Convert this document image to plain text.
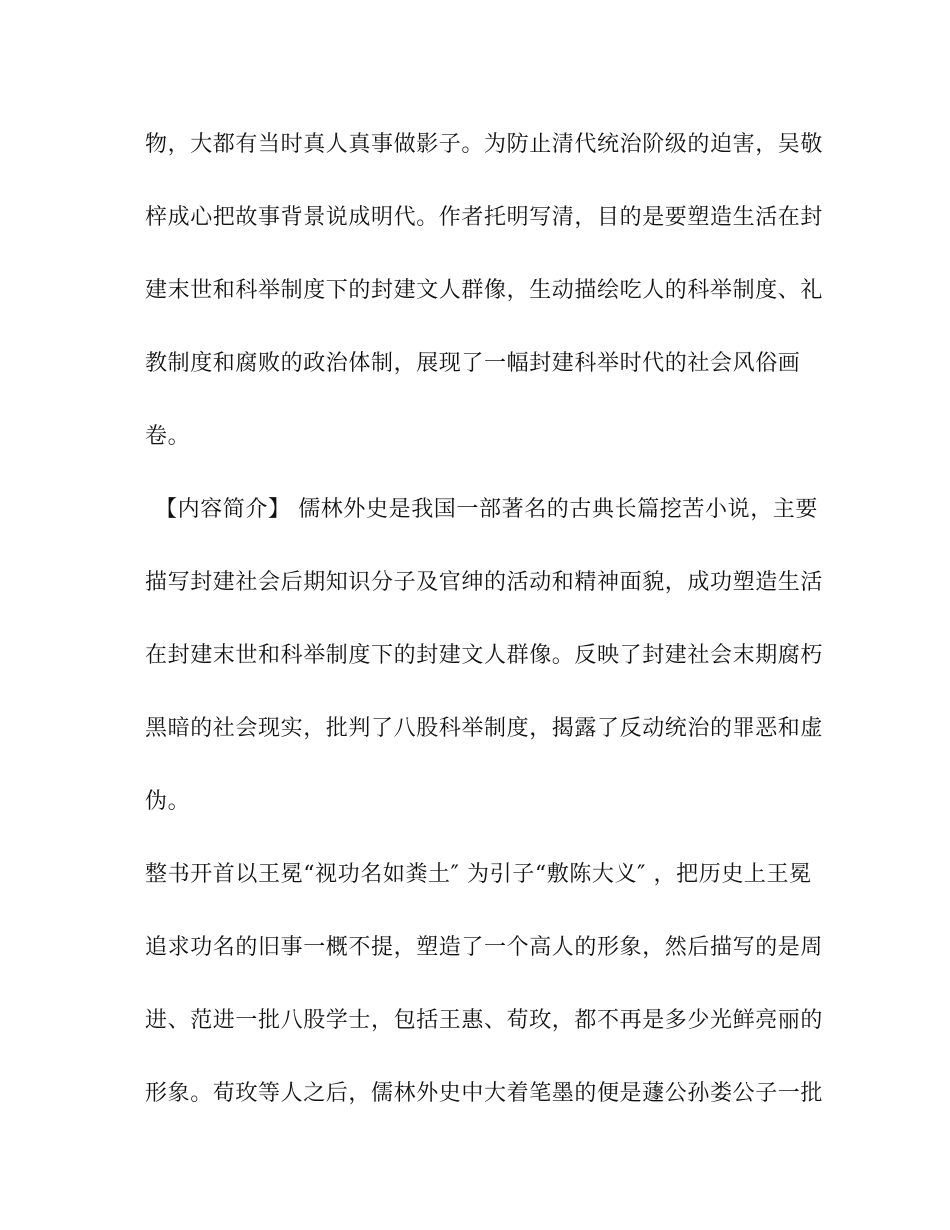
物，大都有当时真人真事做影子。为防止清代统治阶级的迫害，吴敬
梓成心把故事背景说成明代。作者托明写清，目的是要塑造生活在封
建末世和科举制度下的封建文人群像，生动描绘吃人的科举制度、礼
教制度和腐败的政治体制，展现了一幅封建科举时代的社会风俗画
卷。
【内容简介】 儒林外史是我国一部著名的古典长篇挖苦小说，主要
描写封建社会后期知识分子及官绅的活动和精神面貌，成功塑造生活
在封建末世和科举制度下的封建文人群像。反映了封建社会末期腐朽
黑暗的社会现实，批判了八股科举制度，揭露了反动统治的罪恶和虚
伪。
整书开首以王冕“视功名如粪土″ 为引子“敷陈大义″ ，把历史上王冕
追求功名的旧事一概不提，塑造了一个高人的形象，然后描写的是周
进、范进一批八股学士，包括王惠、荀玫，都不再是多少光鲜亮丽的
形象。荀玫等人之后，儒林外史中大着笔墨的便是蘧公孙娄公子一批
